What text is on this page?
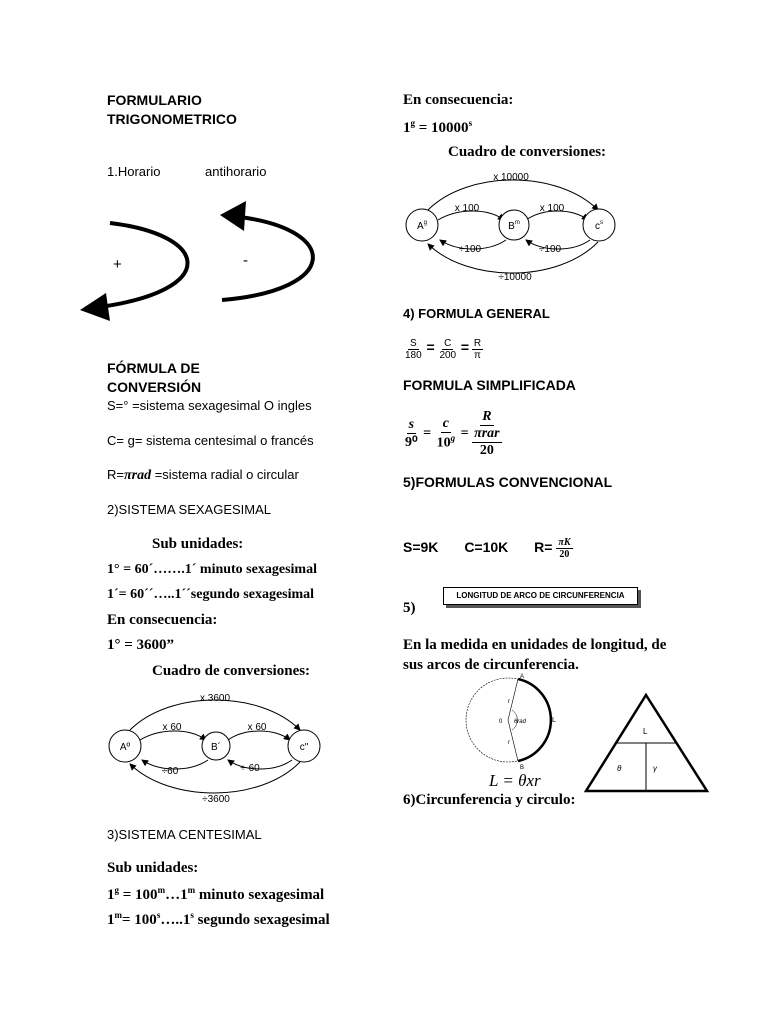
FORMULARIO
TRIGONOMETRICO
1.Horario	antihorario
+	-
FÓRMULA DE
CONVERSIÓN
S=° =sistema sexagesimal O ingles
C= g= sistema centesimal o francés
R=πrad =sistema radial o circular
2)SISTEMA SEXAGESIMAL
Sub unidades:
1° = 60´…….1´ minuto sexagesimal
1´= 60´´…..1´´segundo sexagesimal
En consecuencia:
1° = 3600”
Cuadro de conversiones:
Aº	B´	c"
x 3600
x 60	x 60
÷60	÷ 60
÷3600
3)SISTEMA CENTESIMAL
Sub unidades:
$1^g$ = $100^m\dots 1^m$ minuto sexagesimal
$1^m=$ $100^s\dots..1^s$ segundo sexagesimal
En consecuencia:
$1^g = 10000^s$
Cuadro de conversiones:
$A^g$	$B^m$	$c^s$
x 10000
x 100	x 100
÷100	÷100
÷10000
4) FORMULA GENERAL
$\frac{S}{180} = \frac{C}{200} = \frac{R}{\pi}$
FORMULA SIMPLIFICADA
$\frac{s}{\text{9⁰}} = \frac{c}{10^g} = \frac{R}{\frac{\text{πrar}}{20}}$
5)FORMULAS CONVENCIONAL
S=9K C=10K $R= \frac{\pi K}{20}$
5)
LONGITUD DE ARCO DE CIRCUNFERENCIA
En la medida en unidades de longitud, de
sus arcos de circunferencia.
A
B
0
r
r
θrad	L
L
θ	γ
L = θxr
6)Circunferencia y circulo:
